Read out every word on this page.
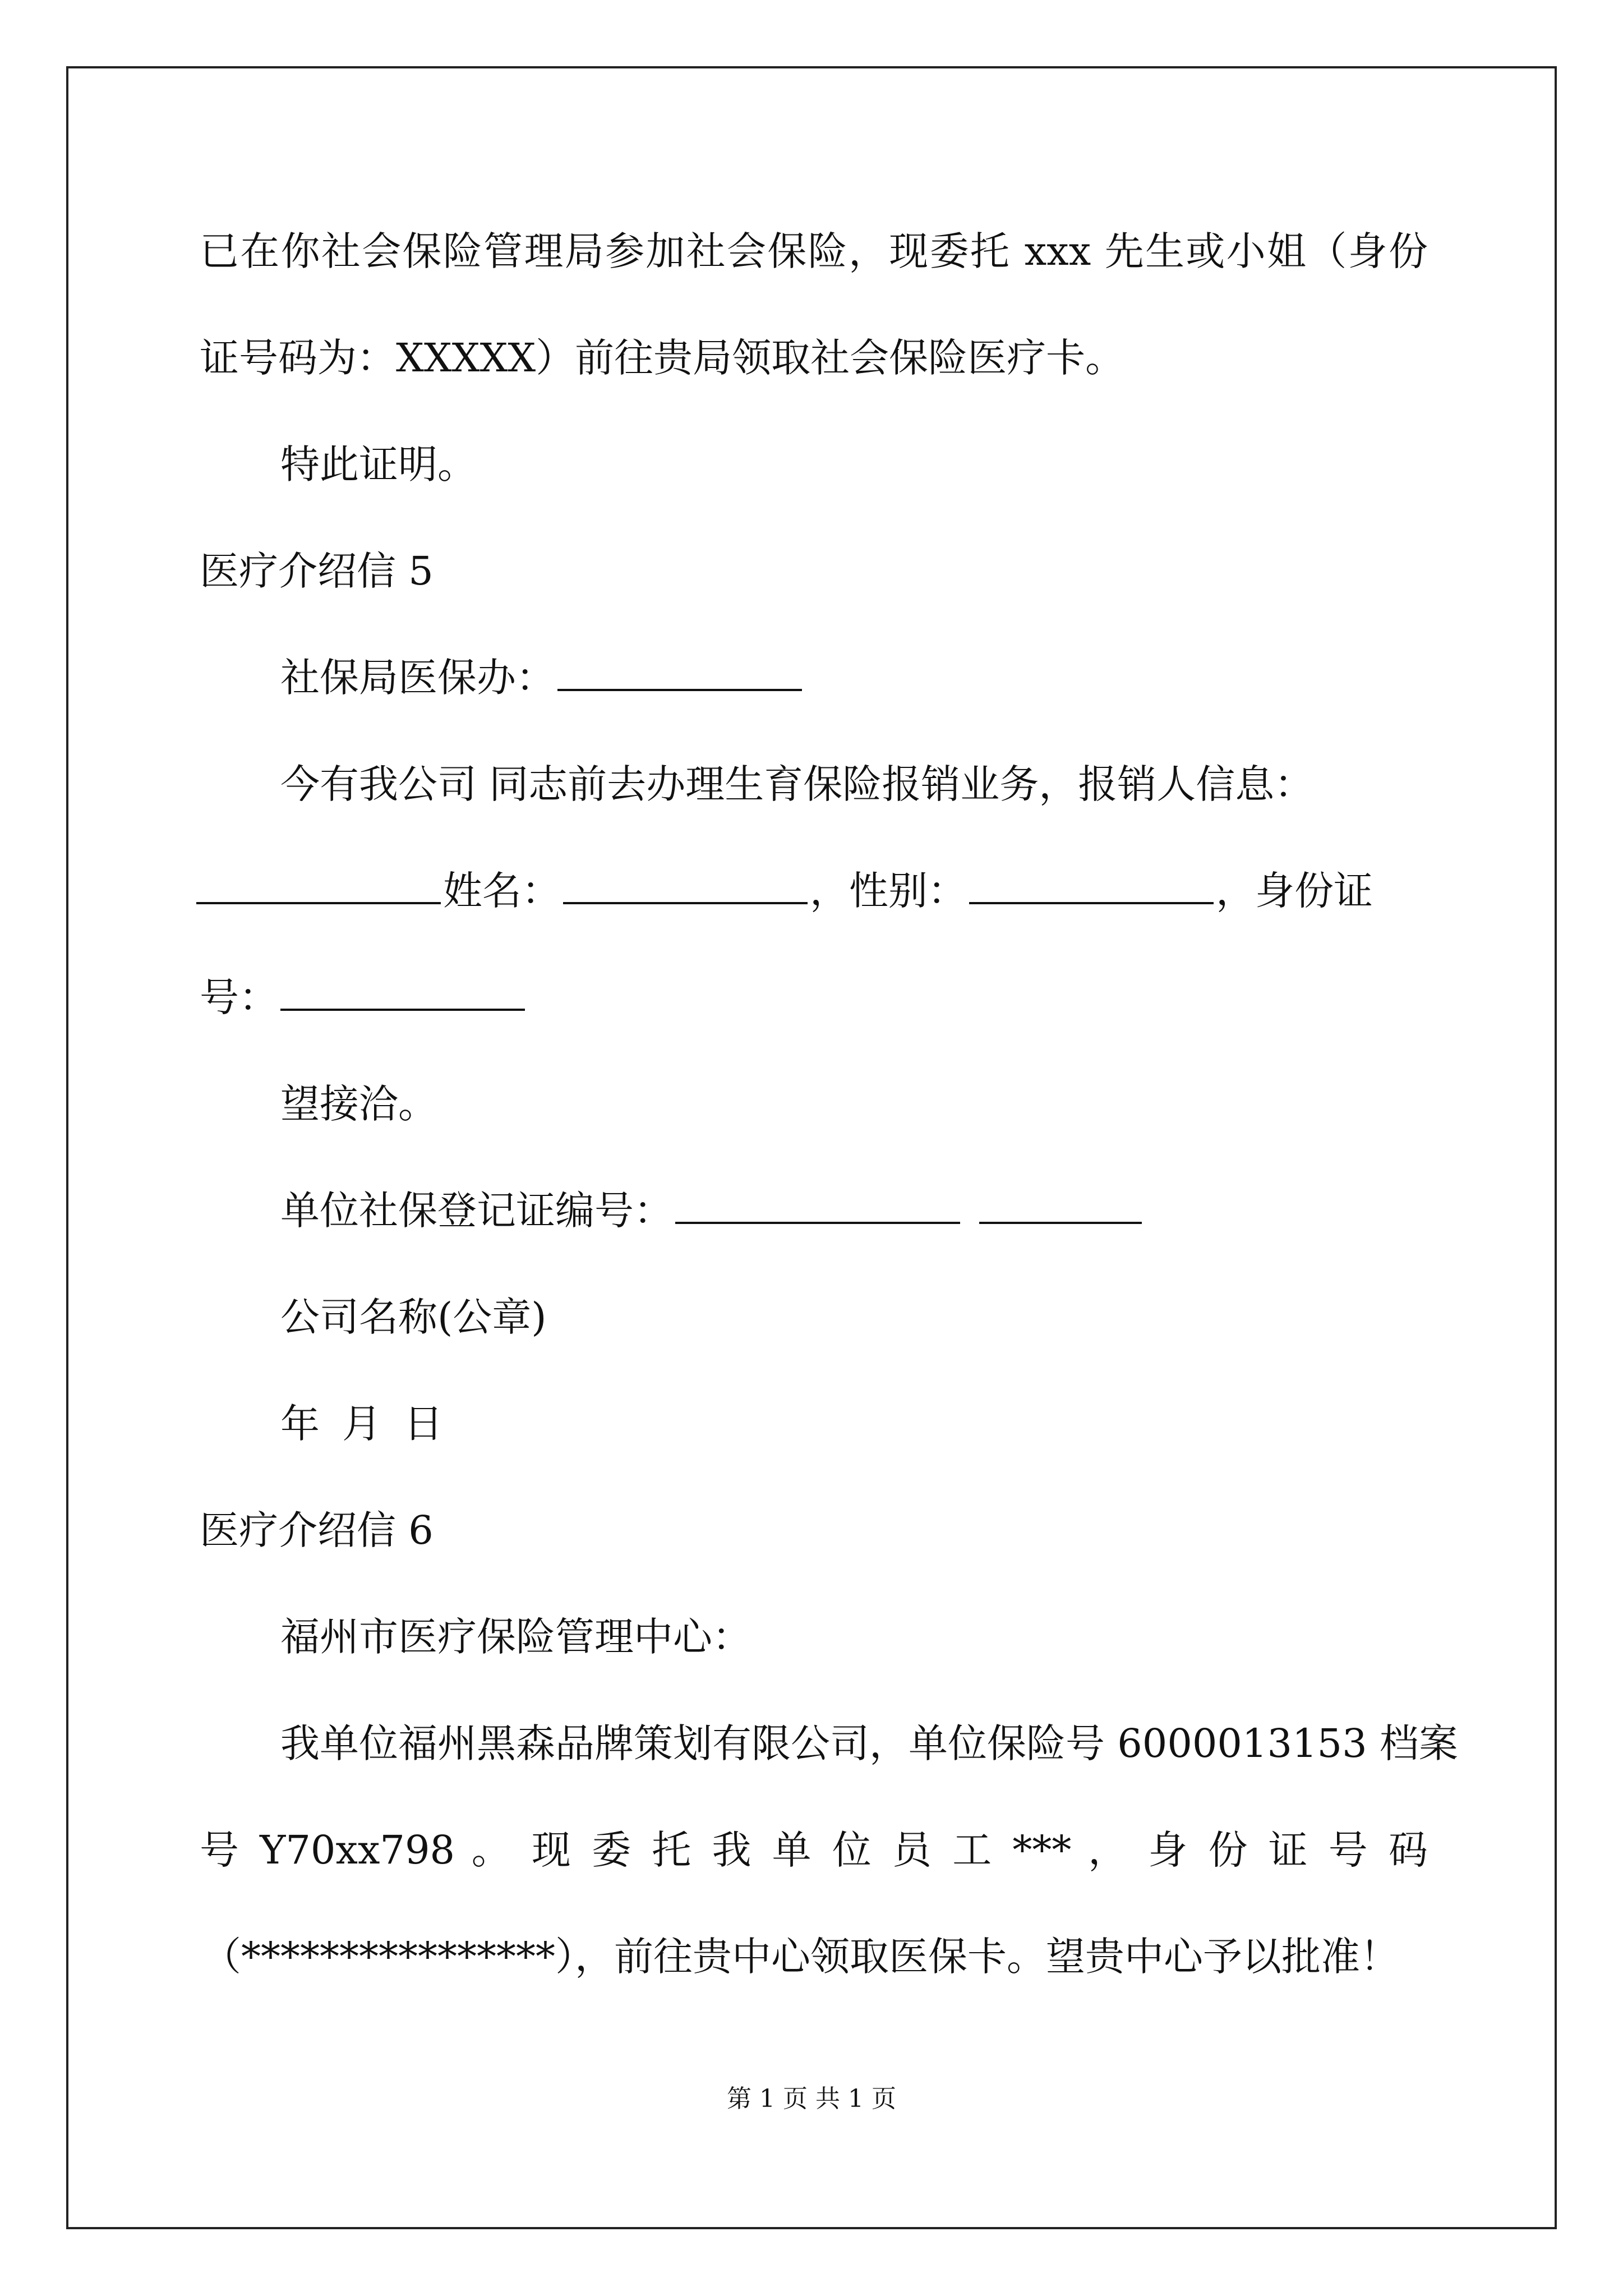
已在你社会保险管理局参加社会保险，现委托 xxx 先生或小姐（身份
证号码为：XXXXX）前往贵局领取社会保险医疗卡。
特此证明。
医疗介绍信 5
社保局医保办：
今有我公司 同志前去办理生育保险报销业务，报销人信息：
姓名：	，性别：	，身份证
号：
望接洽。
单位社保登记证编号：
公司名称(公章)
年 月 日
医疗介绍信 6
福州市医疗保险管理中心：
我单位福州黑森品牌策划有限公司，单位保险号 6000013153 档案
号 Y70xx798 。 现 委 托 我 单 位 员 工 *** ， 身 份 证 号 码
（****************），前往贵中心领取医保卡。望贵中心予以批准！
第 1 页 共 1 页
